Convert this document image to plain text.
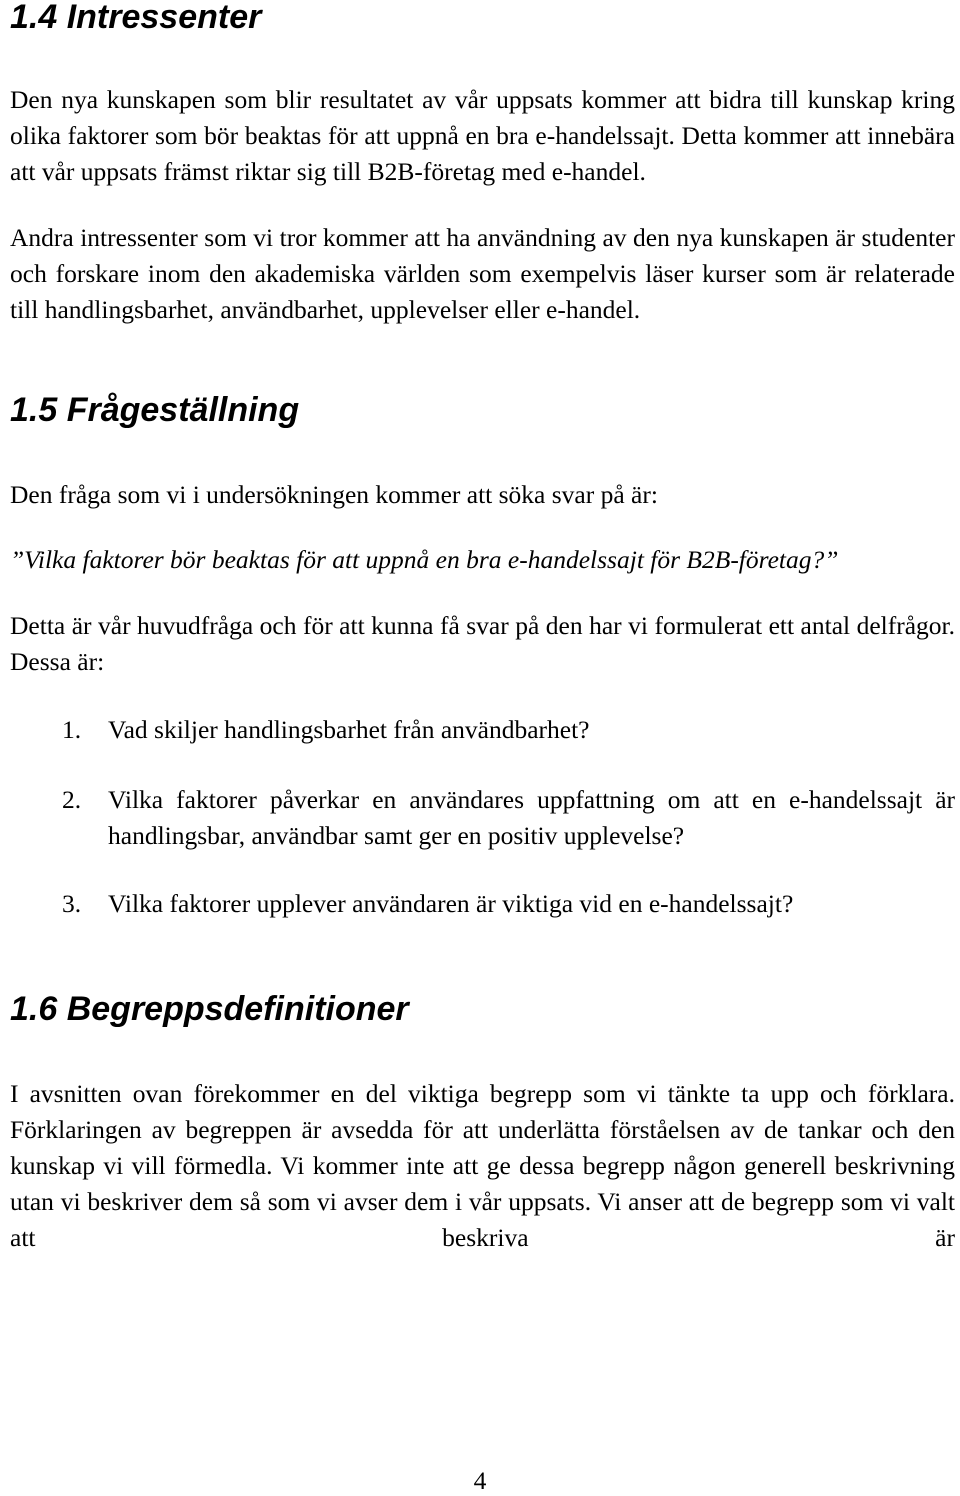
1.4 Intressenter

Den nya kunskapen som blir resultatet av vår uppsats kommer att bidra till kunskap kring olika faktorer som bör beaktas för att uppnå en bra e-handelssajt. Detta kommer att innebära att vår uppsats främst riktar sig till B2B-företag med e-handel.

Andra intressenter som vi tror kommer att ha användning av den nya kunskapen är studenter och forskare inom den akademiska världen som exempelvis läser kurser som är relaterade till handlingsbarhet, användbarhet, upplevelser eller e-handel.

1.5 Frågeställning

Den fråga som vi i undersökningen kommer att söka svar på är:

”Vilka faktorer bör beaktas för att uppnå en bra e-handelssajt för B2B-företag?”

Detta är vår huvudfråga och för att kunna få svar på den har vi formulerat ett antal delfrågor. Dessa är:

1. Vad skiljer handlingsbarhet från användbarhet?
2. Vilka faktorer påverkar en användares uppfattning om att en e-handelssajt är handlingsbar, användbar samt ger en positiv upplevelse?
3. Vilka faktorer upplever användaren är viktiga vid en e-handelssajt?
1.6 Begreppsdefinitioner

I avsnitten ovan förekommer en del viktiga begrepp som vi tänkte ta upp och förklara. Förklaringen av begreppen är avsedda för att underlätta förståelsen av de tankar och den kunskap vi vill förmedla. Vi kommer inte att ge dessa begrepp någon generell beskrivning utan vi beskriver dem så som vi avser dem i vår uppsats. Vi anser att de begrepp som vi valt att beskriva är

4
